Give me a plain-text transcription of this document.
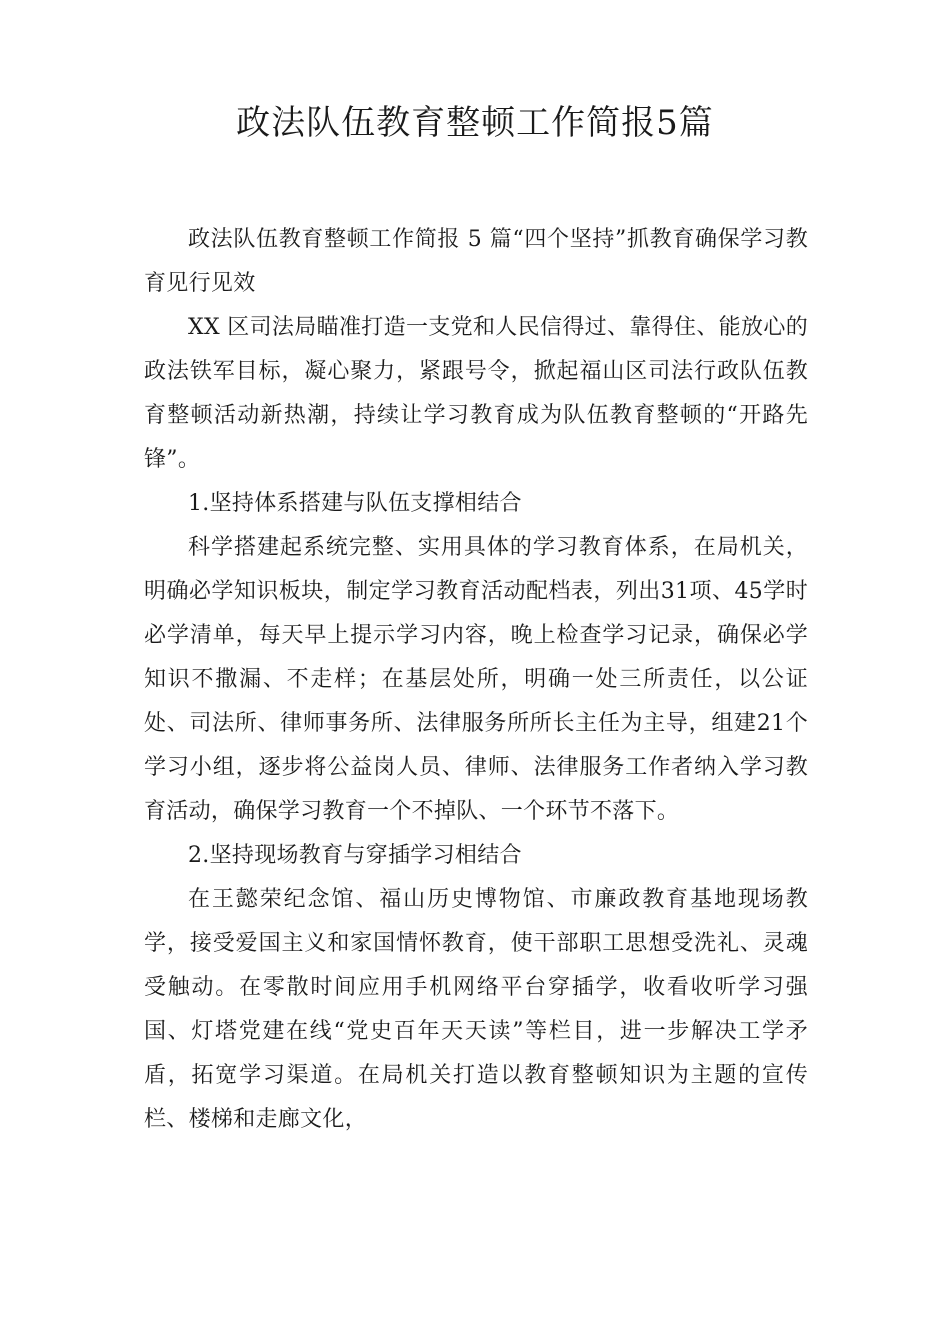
政法队伍教育整顿工作简报5篇

政法队伍教育整顿工作简报 5 篇“四个坚持”抓教育确保学习教育见行见效

XX 区司法局瞄准打造一支党和人民信得过、靠得住、能放心的政法铁军目标，凝心聚力，紧跟号令，掀起福山区司法行政队伍教育整顿活动新热潮，持续让学习教育成为队伍教育整顿的“开路先锋”。

1.坚持体系搭建与队伍支撑相结合

科学搭建起系统完整、实用具体的学习教育体系，在局机关，明确必学知识板块，制定学习教育活动配档表，列出31项、45学时必学清单，每天早上提示学习内容，晚上检查学习记录，确保必学知识不撒漏、不走样；在基层处所，明确一处三所责任，以公证处、司法所、律师事务所、法律服务所所长主任为主导，组建21个学习小组，逐步将公益岗人员、律师、法律服务工作者纳入学习教育活动，确保学习教育一个不掉队、一个环节不落下。

2.坚持现场教育与穿插学习相结合

在王懿荣纪念馆、福山历史博物馆、市廉政教育基地现场教学，接受爱国主义和家国情怀教育，使干部职工思想受洗礼、灵魂受触动。在零散时间应用手机网络平台穿插学，收看收听学习强国、灯塔党建在线“党史百年天天读”等栏目，进一步解决工学矛盾，拓宽学习渠道。在局机关打造以教育整顿知识为主题的宣传栏、楼梯和走廊文化，
